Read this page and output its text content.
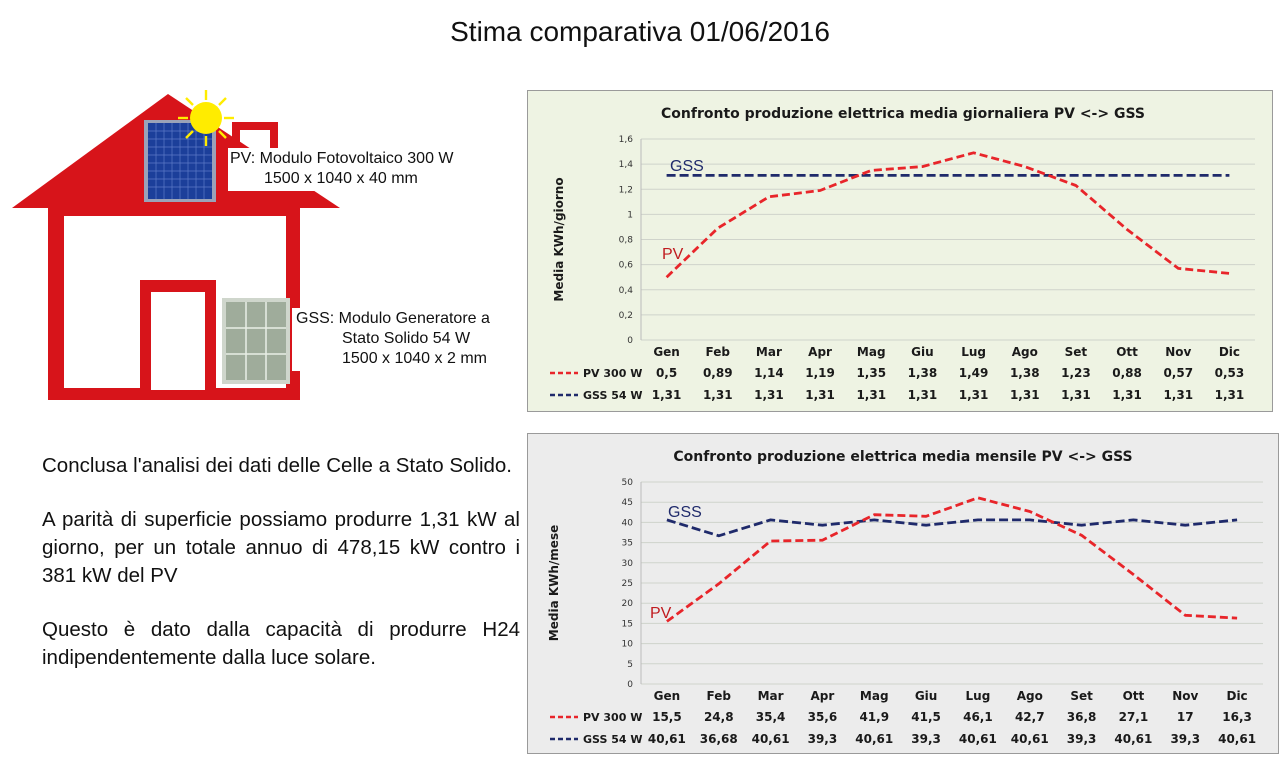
Stima comparativa 01/06/2016
PV: Modulo Fotovoltaico 300 W
1500 x 1040 x 40 mm
GSS: Modulo Generatore a
Stato Solido 54 W
1500 x 1040 x 2 mm

Conclusa l'analisi dei dati delle Celle a Stato Solido.

A parità di superficie possiamo produrre 1,31 kW al giorno, per un totale annuo di 478,15 kW contro i 381 kW del PV

Questo è dato dalla capacità di produrre H24 indipendentemente dalla luce solare.

Confronto produzione elettrica media giornaliera PV <-> GSS
Media KWh/giorno
0
0,2
0,4
0,6
0,8
1
1,2
1,4
1,6
Gen Feb Mar Apr Mag Giu Lug Ago Set Ott Nov Dic
PV
GSS
PV 300 W 0,5 0,89 1,14 1,19 1,35 1,38 1,49 1,38 1,23 0,88 0,57 0,53
GSS 54 W 1,31 1,31 1,31 1,31 1,31 1,31 1,31 1,31 1,31 1,31 1,31 1,31
Confronto produzione elettrica media mensile PV <-> GSS
Media KWh/mese
0
5
10
15
20
25
30
35
40
45
50
Gen Feb Mar Apr Mag Giu Lug Ago Set Ott Nov Dic
PV
GSS
PV 300 W 15,5 24,8 35,4 35,6 41,9 41,5 46,1 42,7 36,8 27,1 17 16,3
GSS 54 W 40,61 36,68 40,61 39,3 40,61 39,3 40,61 40,61 39,3 40,61 39,3 40,61
